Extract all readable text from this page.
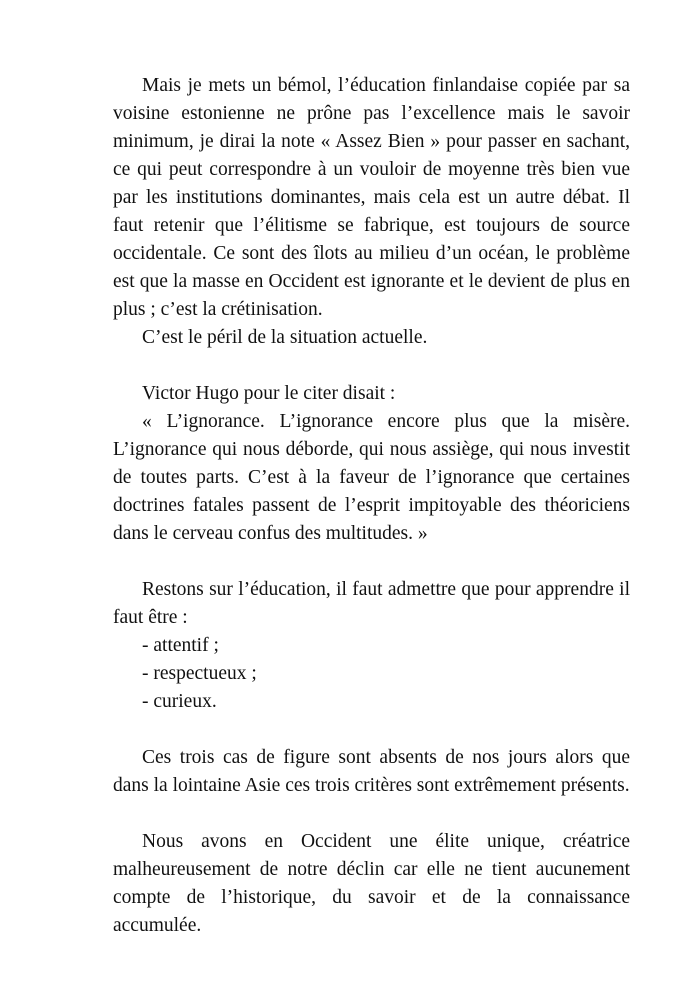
Mais je mets un bémol, l’éducation finlandaise copiée par sa voisine estonienne ne prône pas l’excellence mais le savoir minimum, je dirai la note « Assez Bien » pour passer en sachant, ce qui peut correspondre à un vouloir de moyenne très bien vue par les institutions dominantes, mais cela est un autre débat. Il faut retenir que l’élitisme se fabrique, est toujours de source occidentale. Ce sont des îlots au milieu d’un océan, le problème est que la masse en Occident est ignorante et le devient de plus en plus ; c’est la crétinisation.

C’est le péril de la situation actuelle.

Victor Hugo pour le citer disait :

« L’ignorance. L’ignorance encore plus que la misère. L’ignorance qui nous déborde, qui nous assiège, qui nous investit de toutes parts. C’est à la faveur de l’ignorance que certaines doctrines fatales passent de l’esprit impitoyable des théoriciens dans le cerveau confus des multitudes. »

Restons sur l’éducation, il faut admettre que pour apprendre il faut être :

- attentif ;

- respectueux ;

- curieux.

Ces trois cas de figure sont absents de nos jours alors que dans la lointaine Asie ces trois critères sont extrêmement présents.

Nous avons en Occident une élite unique, créatrice malheureusement de notre déclin car elle ne tient aucunement compte de l’historique, du savoir et de la connaissance accumulée.
